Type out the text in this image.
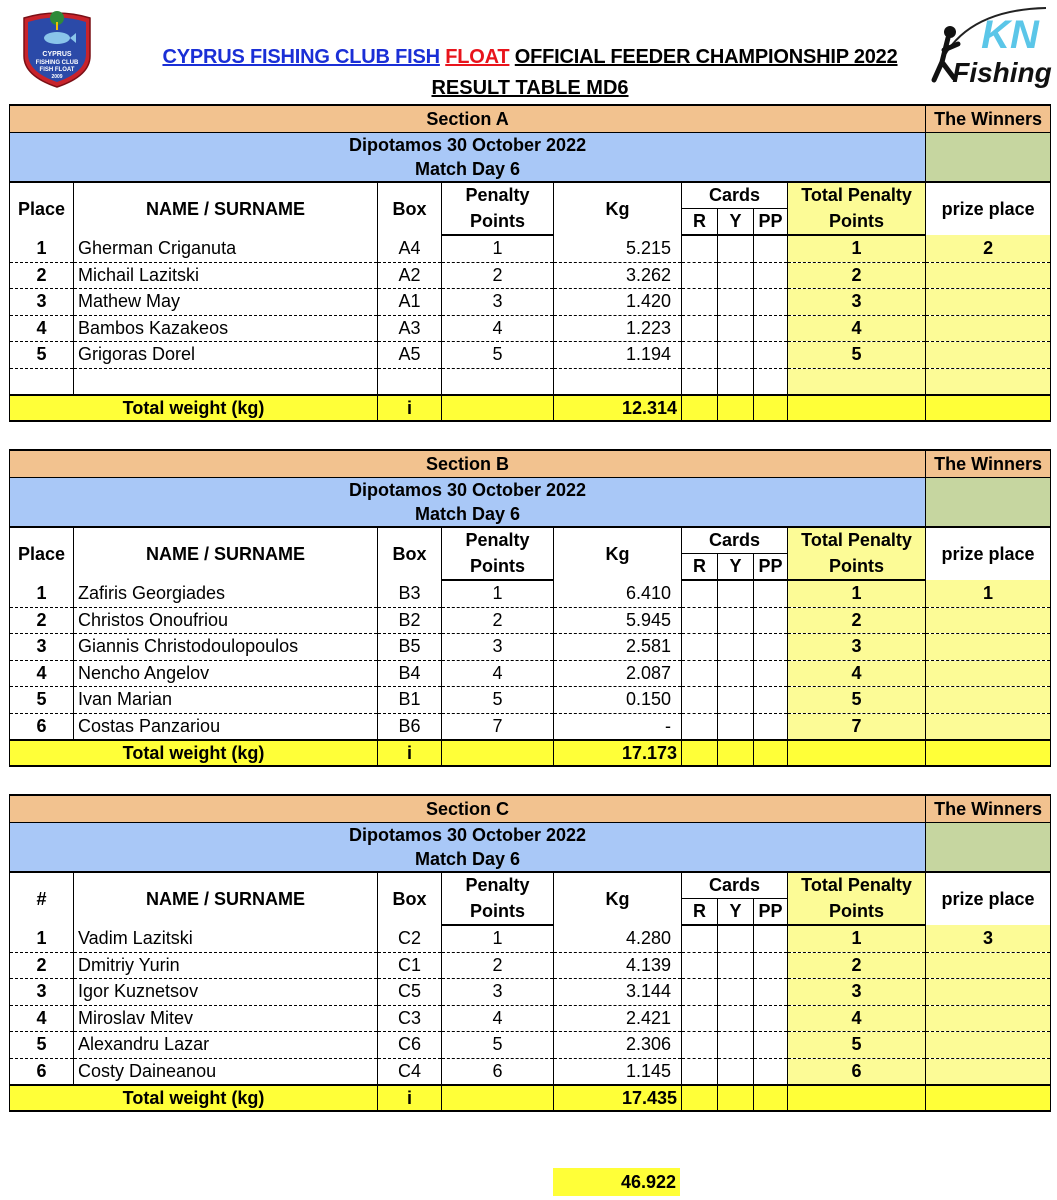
CYPRUS
FISHING CLUB
FISH FLOAT
2009
KN
Fishing
CYPRUS FISHING CLUB FISH FLOAT OFFICIAL FEEDER CHAMPIONSHIP 2022
RESULT TABLE MD6
Section A									The Winners

Dipotamos 30 October 2022
Match Day 6									

Place	NAME / SURNAME	Box	Penalty	Kg	Cards			Total Penalty	prize place
			Points		R	Y	PP	Points	
1	Gherman Criganuta	A4	1	5.215				1	2
2	Michail Lazitski	A2	2	3.262				2	
3	Mathew May	A1	3	1.420				3	
4	Bambos Kazakeos	A3	4	1.223				4	
5	Grigoras Dorel	A5	5	1.194				5	

Total weight (kg)		i		12.314					
Section B									The Winners

Dipotamos 30 October 2022
Match Day 6									

Place	NAME / SURNAME	Box	Penalty	Kg	Cards			Total Penalty	prize place
			Points		R	Y	PP	Points	
1	Zafiris Georgiades	B3	1	6.410				1	1
2	Christos Onoufriou	B2	2	5.945				2	
3	Giannis Christodoulopoulos	B5	3	2.581				3	
4	Nencho Angelov	B4	4	2.087				4	
5	Ivan Marian	B1	5	0.150				5	
6	Costas Panzariou	B6	7	-				7	
Total weight (kg)		i		17.173					
Section C									The Winners

Dipotamos 30 October 2022
Match Day 6									

#	NAME / SURNAME	Box	Penalty	Kg	Cards			Total Penalty	prize place
			Points		R	Y	PP	Points	
1	Vadim Lazitski	C2	1	4.280				1	3
2	Dmitriy Yurin	C1	2	4.139				2	
3	Igor Kuznetsov	C5	3	3.144				3	
4	Miroslav Mitev	C3	4	2.421				4	
5	Alexandru Lazar	C6	5	2.306				5	
6	Costy Daineanou	C4	6	1.145				6	
Total weight (kg)		i		17.435					
46.922
